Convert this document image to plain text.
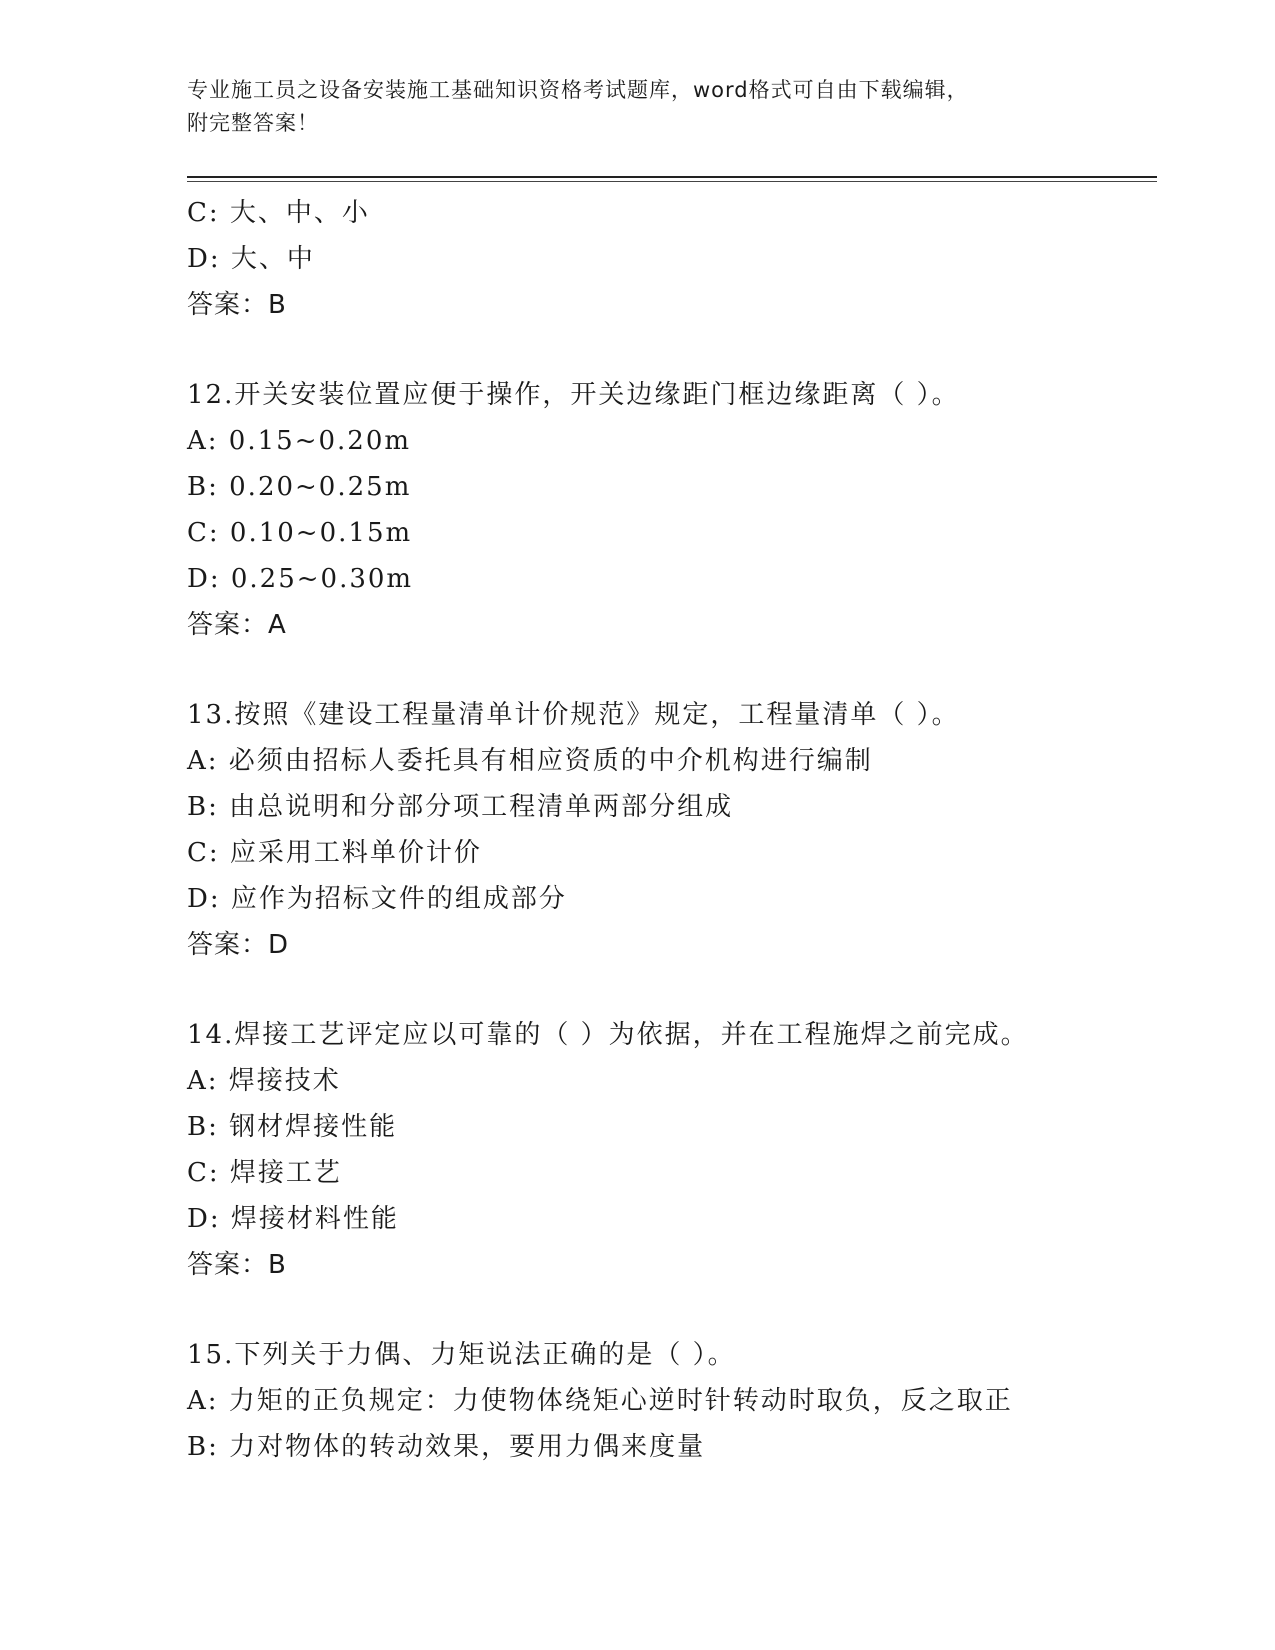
专业施工员之设备安装施工基础知识资格考试题库，word格式可自由下载编辑，
附完整答案！
C: 大、中、小
D: 大、中
答案：B
12.开关安装位置应便于操作，开关边缘距门框边缘距离（ ）。
A: 0.15~0.20m
B: 0.20~0.25m
C: 0.10~0.15m
D: 0.25~0.30m
答案：A
13.按照《建设工程量清单计价规范》规定，工程量清单（ ）。
A: 必须由招标人委托具有相应资质的中介机构进行编制
B: 由总说明和分部分项工程清单两部分组成
C: 应采用工料单价计价
D: 应作为招标文件的组成部分
答案：D
14.焊接工艺评定应以可靠的（ ）为依据，并在工程施焊之前完成。
A: 焊接技术
B: 钢材焊接性能
C: 焊接工艺
D: 焊接材料性能
答案：B
15.下列关于力偶、力矩说法正确的是（ ）。
A: 力矩的正负规定：力使物体绕矩心逆时针转动时取负，反之取正
B: 力对物体的转动效果，要用力偶来度量
